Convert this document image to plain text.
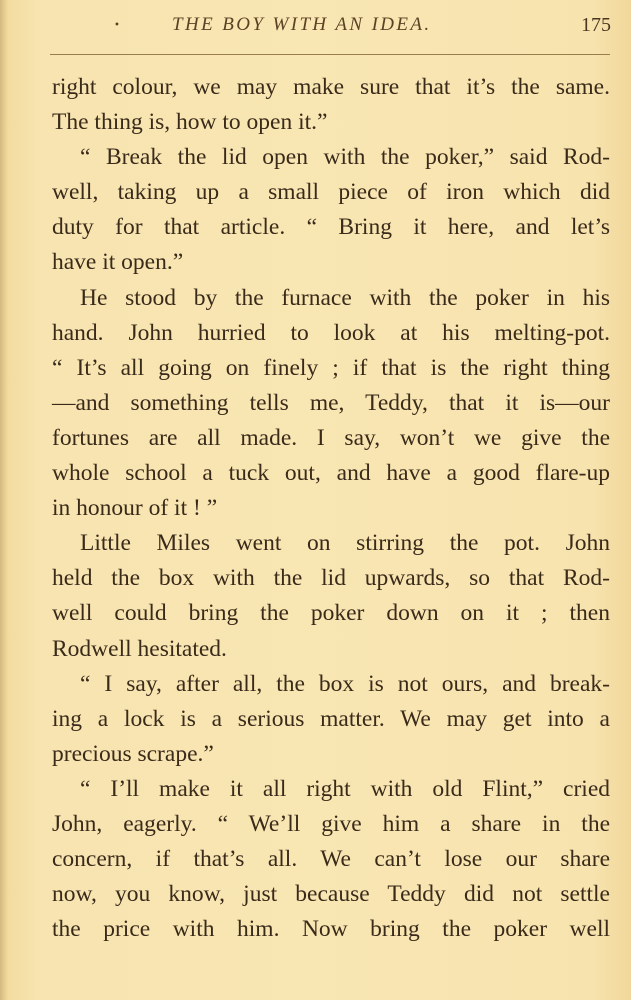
•	THE BOY WITH AN IDEA.	175
right colour, we may make sure that it’s the same.
The thing is, how to open it.”
“ Break the lid open with the poker,” said Rod-
well, taking up a small piece of iron which did
duty for that article. “ Bring it here, and let’s
have it open.”
He stood by the furnace with the poker in his
hand. John hurried to look at his melting-pot.
“ It’s all going on finely ; if that is the right thing
—and something tells me, Teddy, that it is—our
fortunes are all made. I say, won’t we give the
whole school a tuck out, and have a good flare-up
in honour of it ! ”
Little Miles went on stirring the pot. John
held the box with the lid upwards, so that Rod-
well could bring the poker down on it ; then
Rodwell hesitated.
“ I say, after all, the box is not ours, and break-
ing a lock is a serious matter. We may get into a
precious scrape.”
“ I’ll make it all right with old Flint,” cried
John, eagerly. “ We’ll give him a share in the
concern, if that’s all. We can’t lose our share
now, you know, just because Teddy did not settle
the price with him. Now bring the poker well
